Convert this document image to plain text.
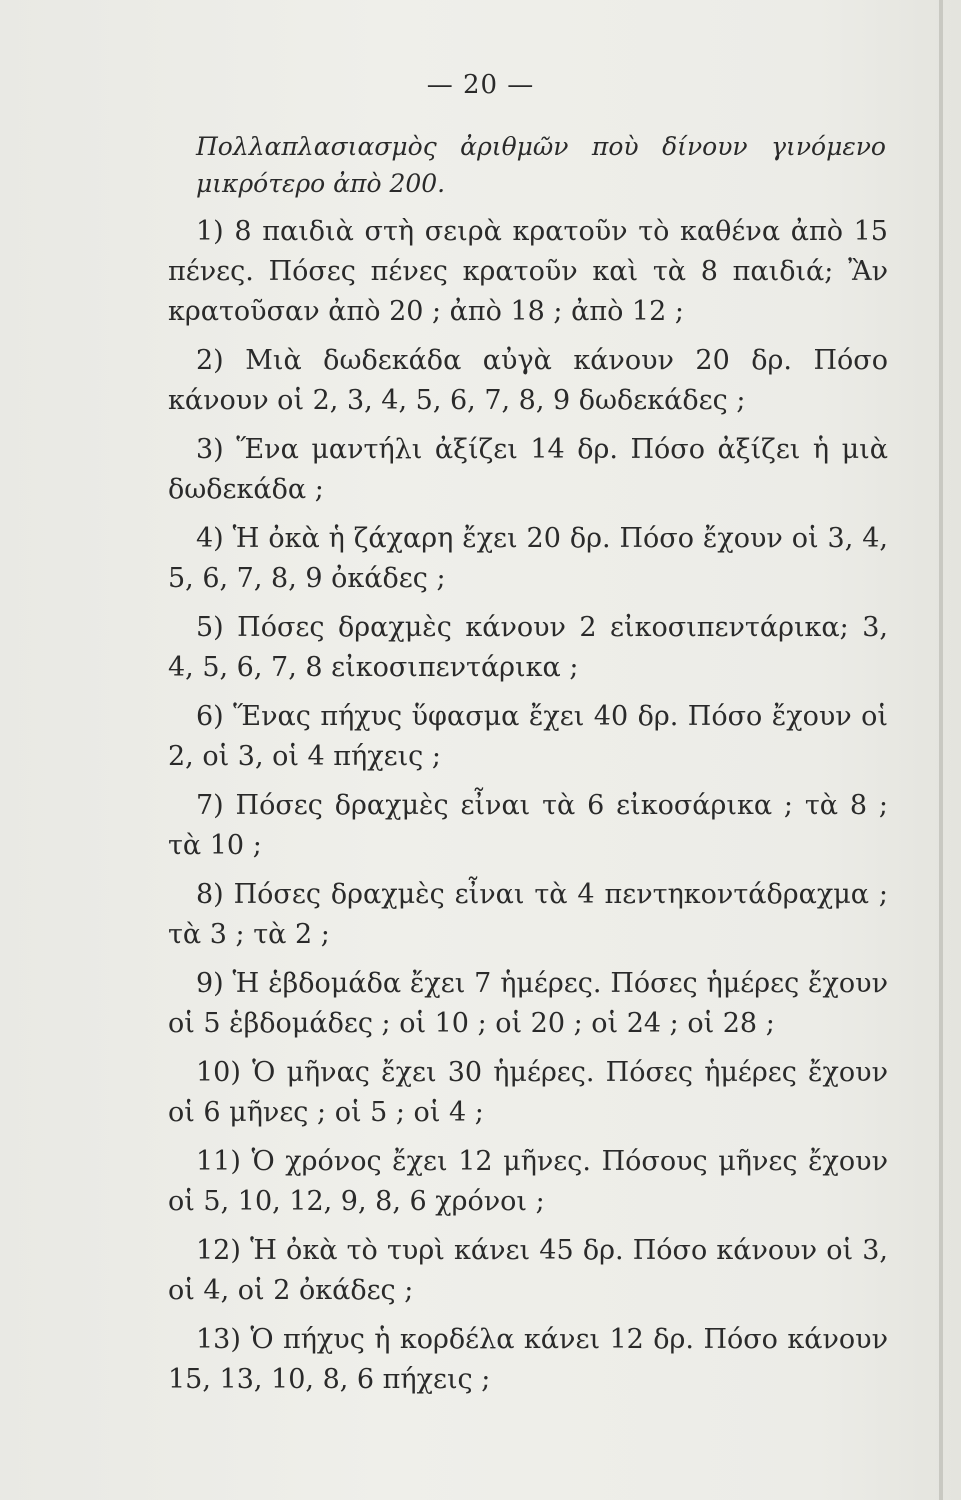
— 20 —
Πολλαπλασιασμὸς ἀριθμῶν ποὺ δίνουν γινόμενο μικρότερο ἀπὸ 200.

1) 8 παιδιὰ στὴ σειρὰ κρατοῦν τὸ καθένα ἀπὸ 15 πένες. Πόσες πένες κρατοῦν καὶ τὰ 8 παιδιά; Ἂν κρατοῦσαν ἀπὸ 20 ; ἀπὸ 18 ; ἀπὸ 12 ;

2) Μιὰ δωδεκάδα αὐγὰ κάνουν 20 δρ. Πόσο κάνουν οἱ 2, 3, 4, 5, 6, 7, 8, 9 δωδεκάδες ;

3) Ἕνα μαντήλι ἀξίζει 14 δρ. Πόσο ἀξίζει ἡ μιὰ δωδεκάδα ;

4) Ἡ ὀκὰ ἡ ζάχαρη ἔχει 20 δρ. Πόσο ἔχουν οἱ 3, 4, 5, 6, 7, 8, 9 ὀκάδες ;

5) Πόσες δραχμὲς κάνουν 2 εἰκοσιπεντάρικα; 3, 4, 5, 6, 7, 8 εἰκοσιπεντάρικα ;

6) Ἕνας πήχυς ὕφασμα ἔχει 40 δρ. Πόσο ἔχουν οἱ 2, οἱ 3, οἱ 4 πήχεις ;

7) Πόσες δραχμὲς εἶναι τὰ 6 εἰκοσάρικα ; τὰ 8 ; τὰ 10 ;

8) Πόσες δραχμὲς εἶναι τὰ 4 πεντηκοντάδραχμα ; τὰ 3 ; τὰ 2 ;

9) Ἡ ἑβδομάδα ἔχει 7 ἡμέρες. Πόσες ἡμέρες ἔχουν οἱ 5 ἑβδομάδες ; οἱ 10 ; οἱ 20 ; οἱ 24 ; οἱ 28 ;

10) Ὁ μῆνας ἔχει 30 ἡμέρες. Πόσες ἡμέρες ἔχουν οἱ 6 μῆνες ; οἱ 5 ; οἱ 4 ;

11) Ὁ χρόνος ἔχει 12 μῆνες. Πόσους μῆνες ἔχουν οἱ 5, 10, 12, 9, 8, 6 χρόνοι ;

12) Ἡ ὀκὰ τὸ τυρὶ κάνει 45 δρ. Πόσο κάνουν οἱ 3, οἱ 4, οἱ 2 ὀκάδες ;

13) Ὁ πήχυς ἡ κορδέλα κάνει 12 δρ. Πόσο κάνουν 15, 13, 10, 8, 6 πήχεις ;
